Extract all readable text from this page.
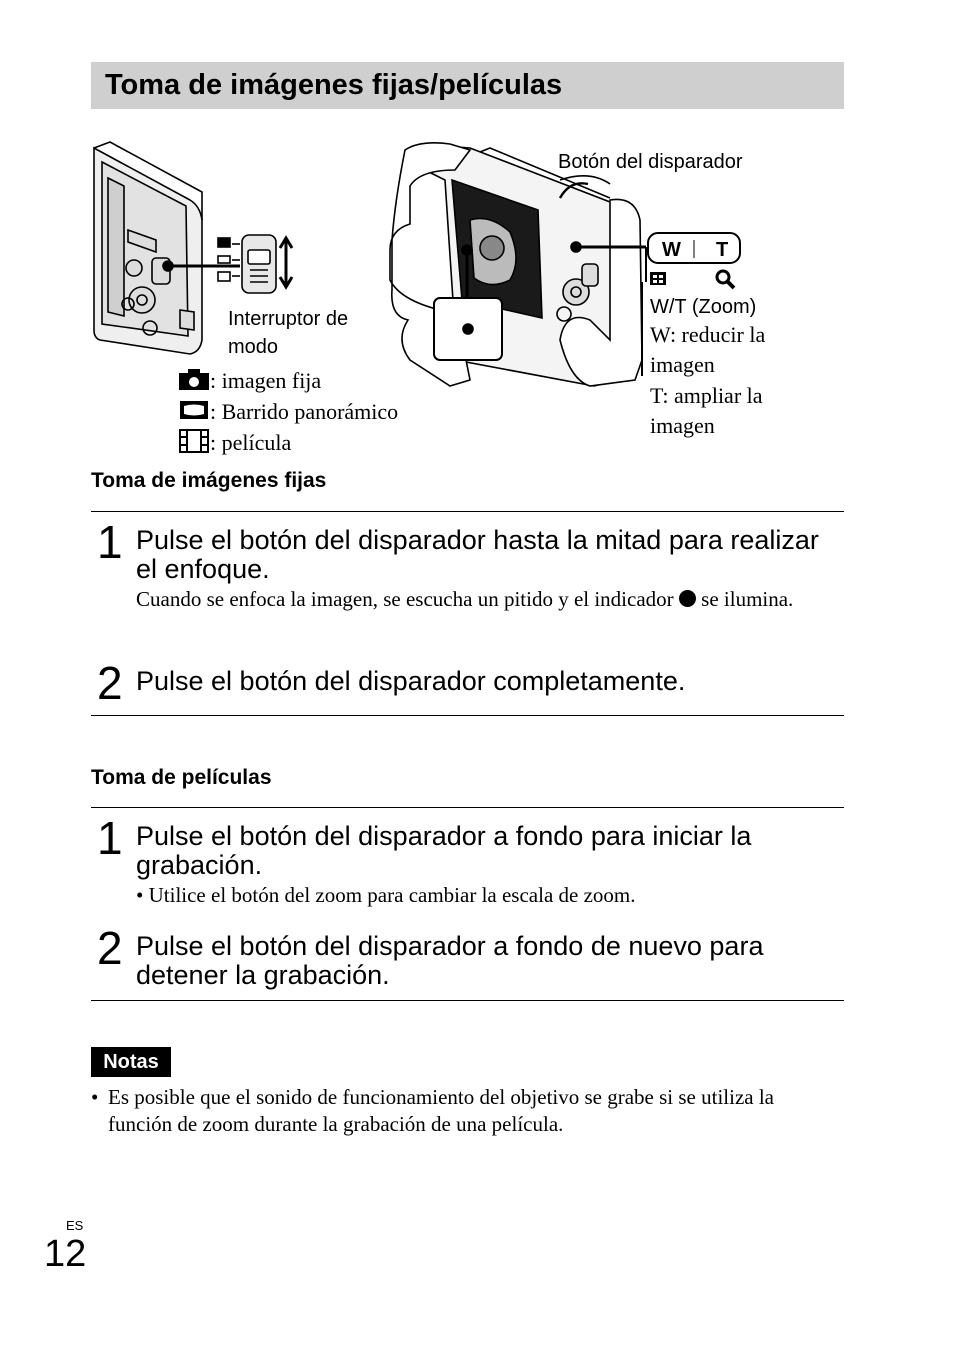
Toma de imágenes fijas/películas
W T
Botón del disparador
Interruptor de modo
W/T (Zoom)
W: reducir la imagen
T: ampliar la imagen
: imagen fija
: Barrido panorámico
: película
Toma de imágenes fijas
1 Pulse el botón del disparador hasta la mitad para realizar el enfoque.
Cuando se enfoca la imagen, se escucha un pitido y el indicador se ilumina.
2 Pulse el botón del disparador completamente.
Toma de películas
1 Pulse el botón del disparador a fondo para iniciar la grabación.
• Utilice el botón del zoom para cambiar la escala de zoom.
2 Pulse el botón del disparador a fondo de nuevo para detener la grabación.
Notas
• Es posible que el sonido de funcionamiento del objetivo se grabe si se utiliza la función de zoom durante la grabación de una película.
ES
12
